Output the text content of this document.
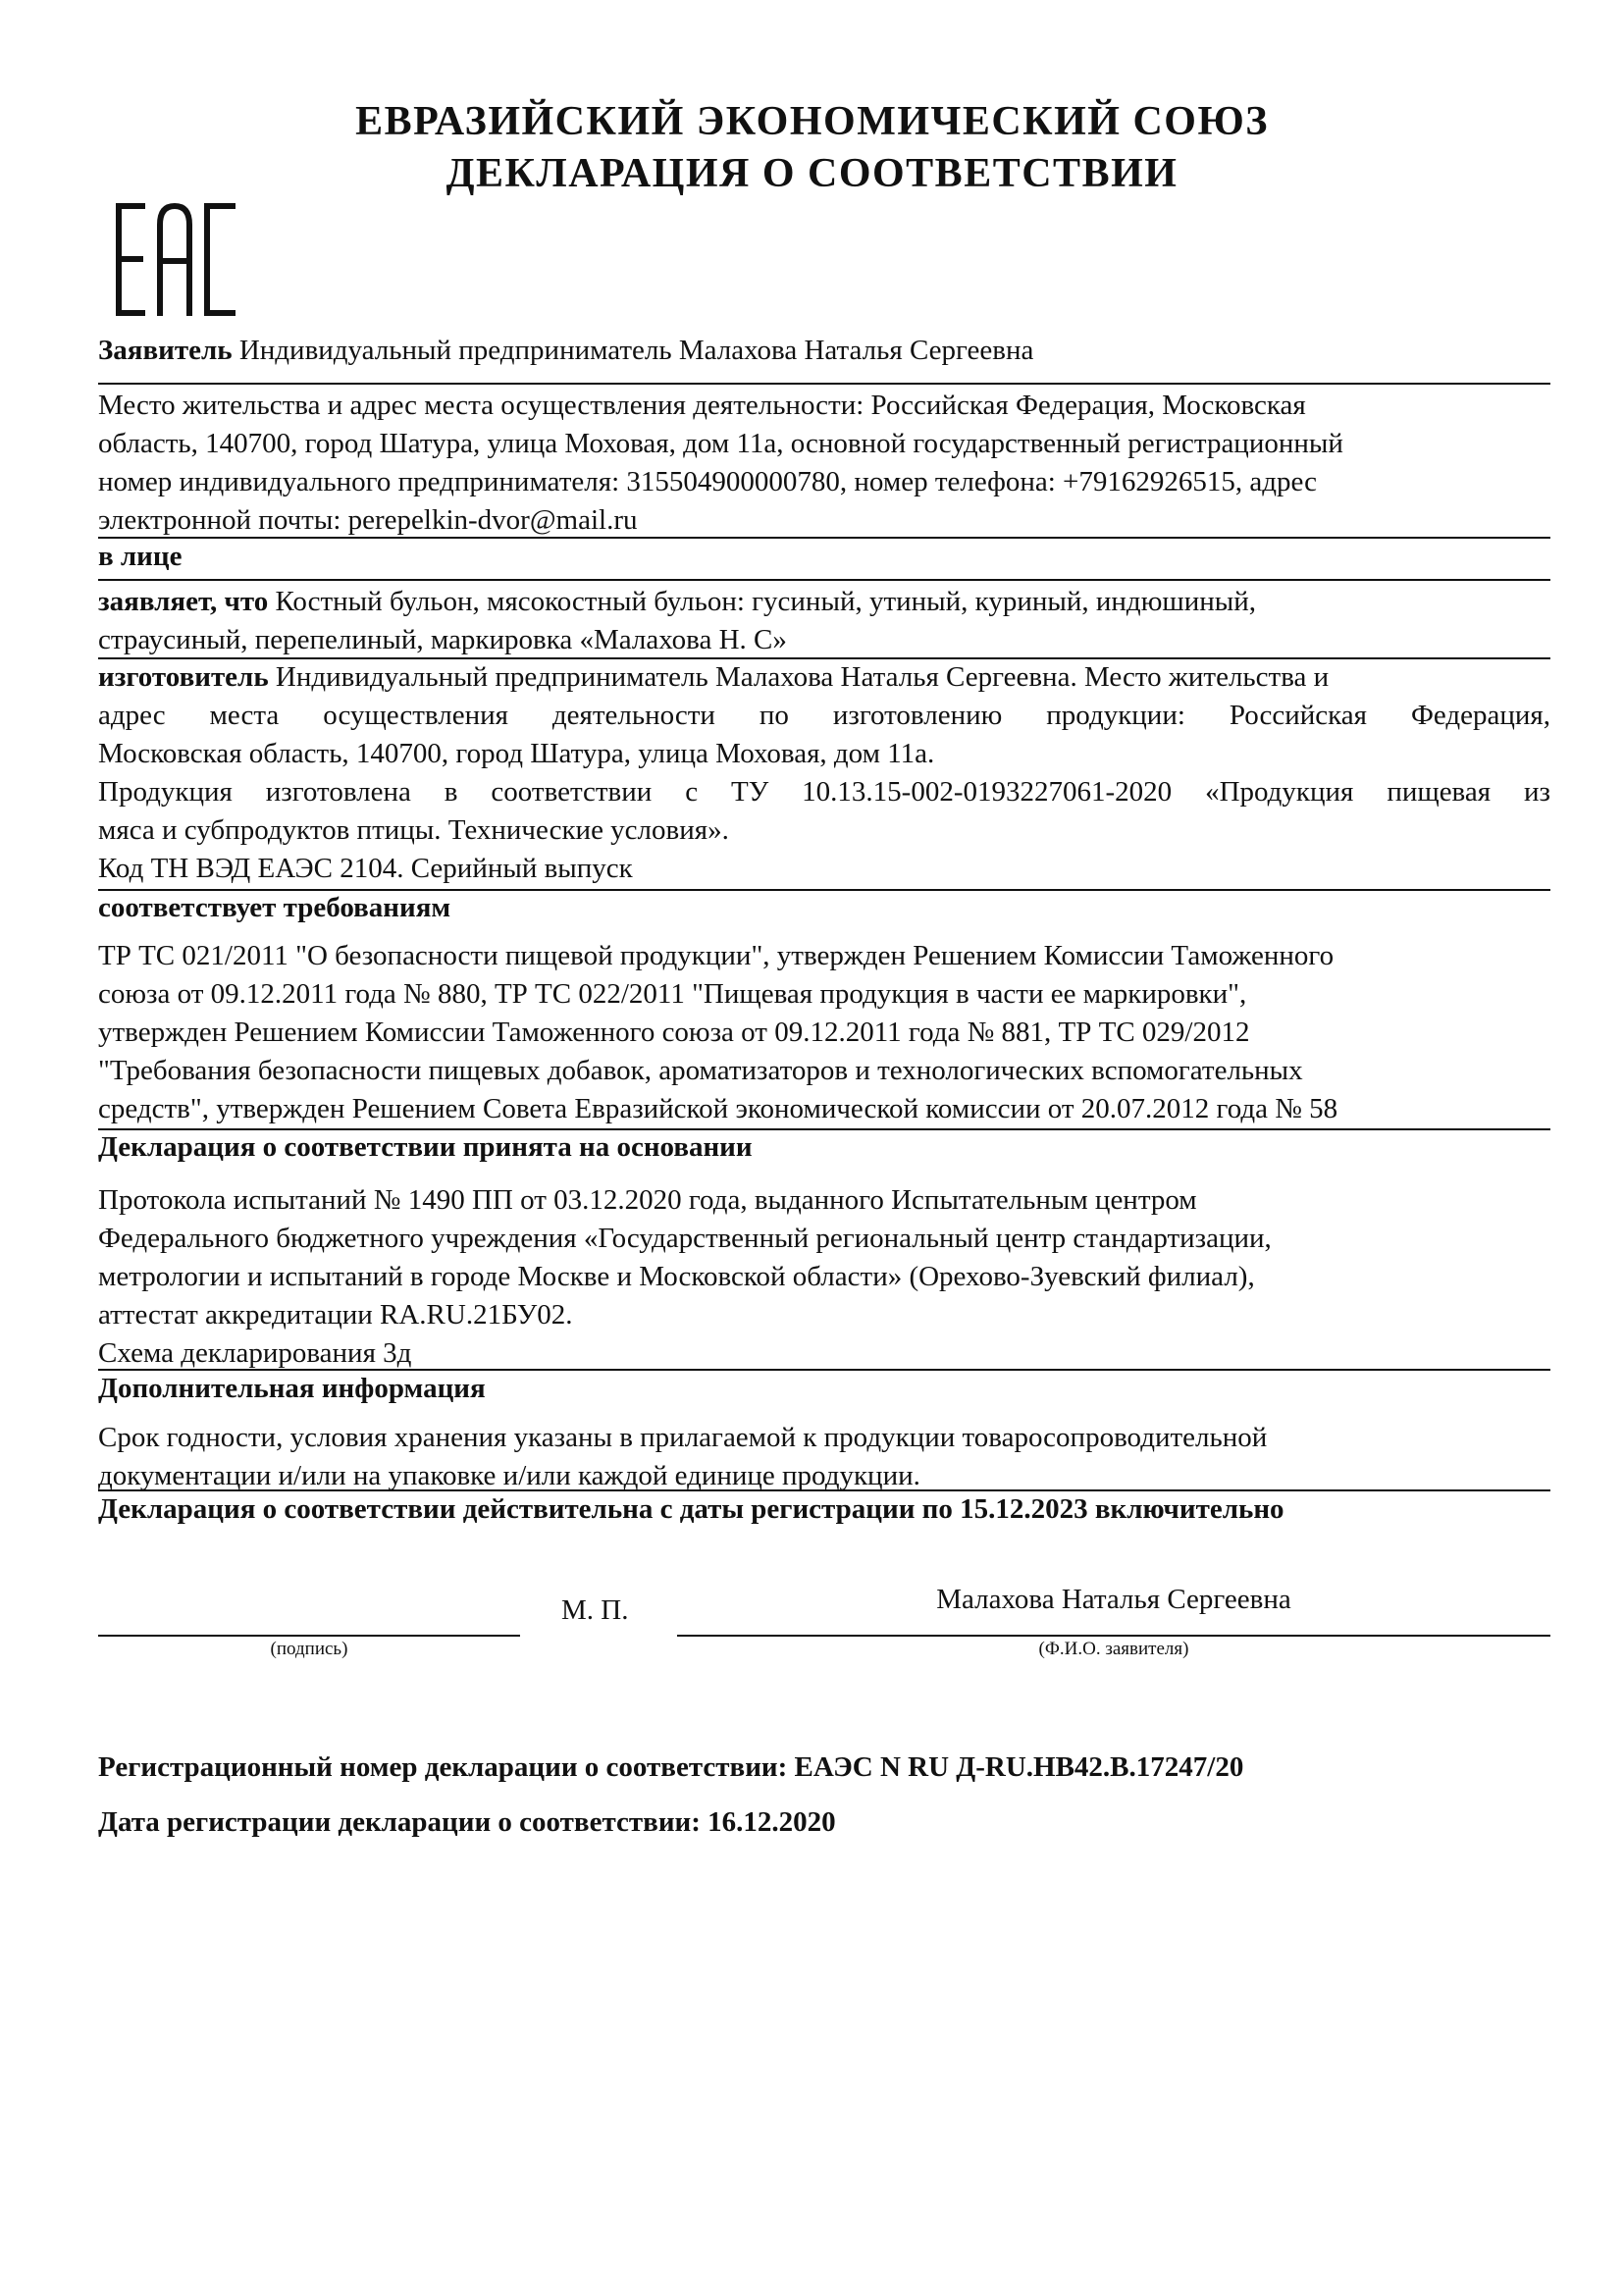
ЕВРАЗИЙСКИЙ ЭКОНОМИЧЕСКИЙ СОЮЗ
ДЕКЛАРАЦИЯ О СООТВЕТСТВИИ
Заявитель Индивидуальный предприниматель Малахова Наталья Сергеевна
Место жительства и адрес места осуществления деятельности: Российская Федерация, Московская
область, 140700, город Шатура, улица Моховая, дом 11а, основной государственный регистрационный
номер индивидуального предпринимателя: 315504900000780, номер телефона: +79162926515, адрес
электронной почты: perepelkin-dvor@mail.ru
в лице
заявляет, что Костный бульон, мясокостный бульон: гусиный, утиный, куриный, индюшиный,
страусиный, перепелиный, маркировка «Малахова Н. С»
изготовитель Индивидуальный предприниматель Малахова Наталья Сергеевна. Место жительства и
адрес места осуществления деятельности по изготовлению продукции: Российская Федерация,
Московская область, 140700, город Шатура, улица Моховая, дом 11а.
Продукция изготовлена в соответствии с ТУ 10.13.15-002-0193227061-2020 «Продукция пищевая из
мяса и субпродуктов птицы. Технические условия».
Код ТН ВЭД ЕАЭС 2104. Серийный выпуск
соответствует требованиям
ТР ТС 021/2011 "О безопасности пищевой продукции", утвержден Решением Комиссии Таможенного
союза от 09.12.2011 года № 880, ТР ТС 022/2011 "Пищевая продукция в части ее маркировки",
утвержден Решением Комиссии Таможенного союза от 09.12.2011 года № 881, ТР ТС 029/2012
"Требования безопасности пищевых добавок, ароматизаторов и технологических вспомогательных
средств", утвержден Решением Совета Евразийской экономической комиссии от 20.07.2012 года № 58
Декларация о соответствии принята на основании
Протокола испытаний № 1490 ПП от 03.12.2020 года, выданного Испытательным центром
Федерального бюджетного учреждения «Государственный региональный центр стандартизации,
метрологии и испытаний в городе Москве и Московской области» (Орехово-Зуевский филиал),
аттестат аккредитации RA.RU.21БУ02.
Схема декларирования 3д
Дополнительная информация
Срок годности, условия хранения указаны в прилагаемой к продукции товаросопроводительной
документации и/или на упаковке и/или каждой единице продукции.
Декларация о соответствии действительна с даты регистрации по 15.12.2023 включительно
(подпись)
М. П.	Малахова Наталья Сергеевна
(Ф.И.О. заявителя)
Регистрационный номер декларации о соответствии: ЕАЭС N RU Д-RU.НВ42.В.17247/20
Дата регистрации декларации о соответствии: 16.12.2020
